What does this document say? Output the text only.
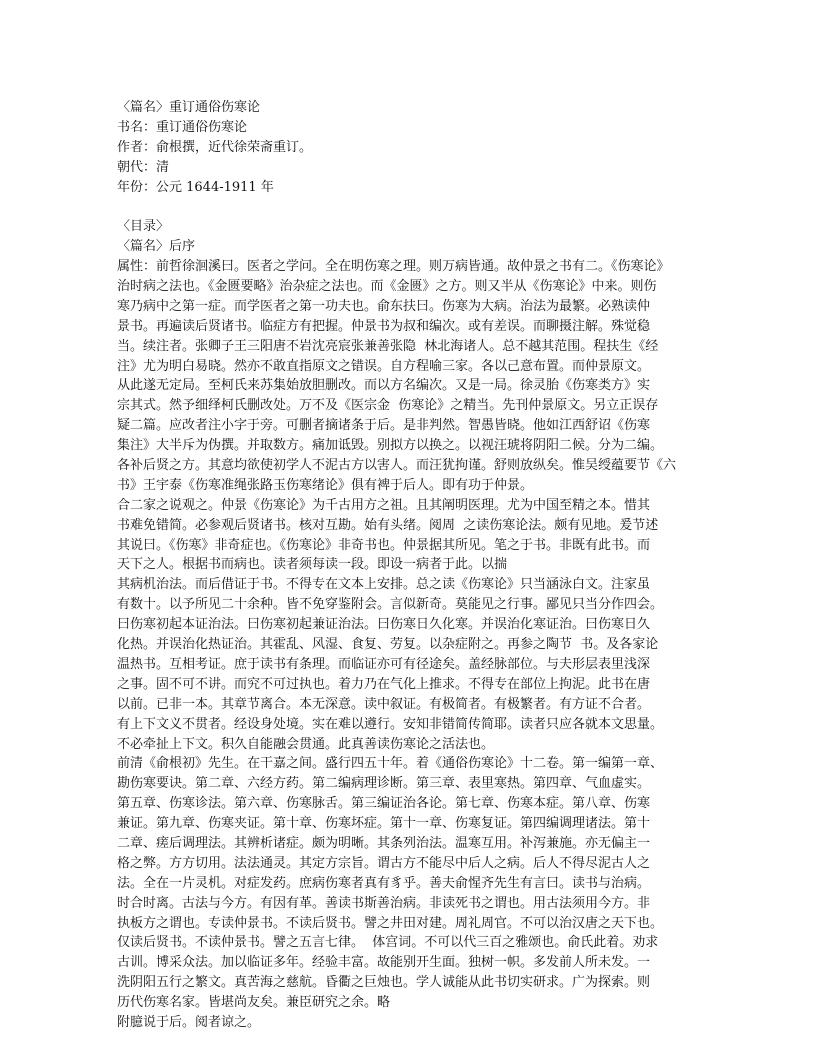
〈篇名〉重订通俗伤寒论
书名：重订通俗伤寒论
作者：俞根撰，近代徐荣斋重订。
朝代：清
年份：公元 1644-1911 年
〈目录〉
〈篇名〉后序
属性：前哲徐洄溪曰。医者之学问。全在明伤寒之理。则万病皆通。故仲景之书有二。《伤寒论》
治时病之法也。《金匮要略》治杂症之法也。而《金匮》之方。则又半从《伤寒论》中来。则伤
寒乃病中之第一症。而学医者之第一功夫也。俞东扶曰。伤寒为大病。治法为最繁。必熟读仲
景书。再遍读后贤诸书。临症方有把握。仲景书为叔和编次。或有差误。而聊摄注解。殊觉稳
当。续注者。张卿子王三阳唐不岩沈亮宸张兼善张隐  林北海诸人。总不越其范围。程扶生《经
注》尤为明白易晓。然亦不敢直指原文之错误。自方程喻三家。各以己意布置。而仲景原文。
从此遂无定局。至柯氏来苏集始放胆删改。而以方名编次。又是一局。徐灵胎《伤寒类方》实
宗其式。然予细绎柯氏删改处。万不及《医宗金  伤寒论》之精当。先刊仲景原文。另立正误存
疑二篇。应改者注小字于旁。可删者摘诸条于后。是非判然。智愚皆晓。他如江西舒诏《伤寒
集注》大半斥为伪撰。并取数方。痛加诋毁。别拟方以换之。以视汪琥将阴阳二候。分为二编。
各补后贤之方。其意均欲使初学人不泥古方以害人。而汪犹拘谨。舒则放纵矣。惟吴绶蕴要节《六
书》王宇泰《伤寒准绳张路玉伤寒绪论》俱有裨于后人。即有功于仲景。
合二家之说观之。仲景《伤寒论》为千古用方之祖。且其阐明医理。尤为中国至精之本。惜其
书难免错简。必参观后贤诸书。核对互勘。始有头绪。阅周  之读伤寒论法。颇有见地。爰节述
其说曰。《伤寒》非奇症也。《伤寒论》非奇书也。仲景据其所见。笔之于书。非既有此书。而
天下之人。根据书而病也。读者须每读一段。即设一病者于此。以揣
其病机治法。而后借证于书。不得专在文本上安排。总之读《伤寒论》只当涵泳白文。注家虽
有数十。以予所见二十余种。皆不免穿鉴附会。言似新奇。莫能见之行事。鄙见只当分作四会。
曰伤寒初起本证治法。曰伤寒初起兼证治法。曰伤寒日久化寒。并误治化寒证治。曰伤寒日久
化热。并误治化热证治。其霍乱、风湿、食复、劳复。以杂症附之。再参之陶节  书。及各家论
温热书。互相考证。庶于读书有条理。而临证亦可有径途矣。盖经脉部位。与夫形层表里浅深
之事。固不可不讲。而究不可过执也。着力乃在气化上推求。不得专在部位上拘泥。此书在唐
以前。已非一本。其章节离合。本无深意。读中叙证。有极简者。有极繁者。有方证不合者。
有上下文义不贯者。经设身处境。实在难以遵行。安知非错简传简耶。读者只应各就本文思量。
不必牵扯上下文。积久自能融会贯通。此真善读伤寒论之活法也。
前清《俞根初》先生。在干嘉之间。盛行四五十年。着《通俗伤寒论》十二卷。第一编第一章、
勘伤寒要诀。第二章、六经方药。第二编病理诊断。第三章、表里寒热。第四章、气血虚实。
第五章、伤寒诊法。第六章、伤寒脉舌。第三编证治各论。第七章、伤寒本症。第八章、伤寒
兼证。第九章、伤寒夹证。第十章、伤寒坏症。第十一章、伤寒复证。第四编调理诸法。第十
二章、瘥后调理法。其辨析诸症。颇为明晰。其条列治法。温寒互用。补泻兼施。亦无偏主一
格之弊。方方切用。法法通灵。其定方宗旨。谓古方不能尽中后人之病。后人不得尽泥古人之
法。全在一片灵机。对症发药。庶病伤寒者真有豸乎。善夫俞惺齐先生有言曰。读书与治病。
时合时离。古法与今方。有因有革。善读书斯善治病。非读死书之谓也。用古法须用今方。非
执板方之谓也。专读仲景书。不读后贤书。譬之井田对建。周礼周官。不可以治汉唐之天下也。
仅读后贤书。不读仲景书。譬之五言七律。  体宫词。不可以代三百之雅颂也。俞氏此着。劝求
古训。博采众法。加以临证多年。经验丰富。故能别开生面。独树一帜。多发前人所未发。一
洗阴阳五行之繁文。真苦海之慈航。昏衢之巨烛也。学人诚能从此书切实研求。广为探索。则
历代伤寒名家。皆堪尚友矣。兼臣研究之余。略
附臆说于后。阅者谅之。
